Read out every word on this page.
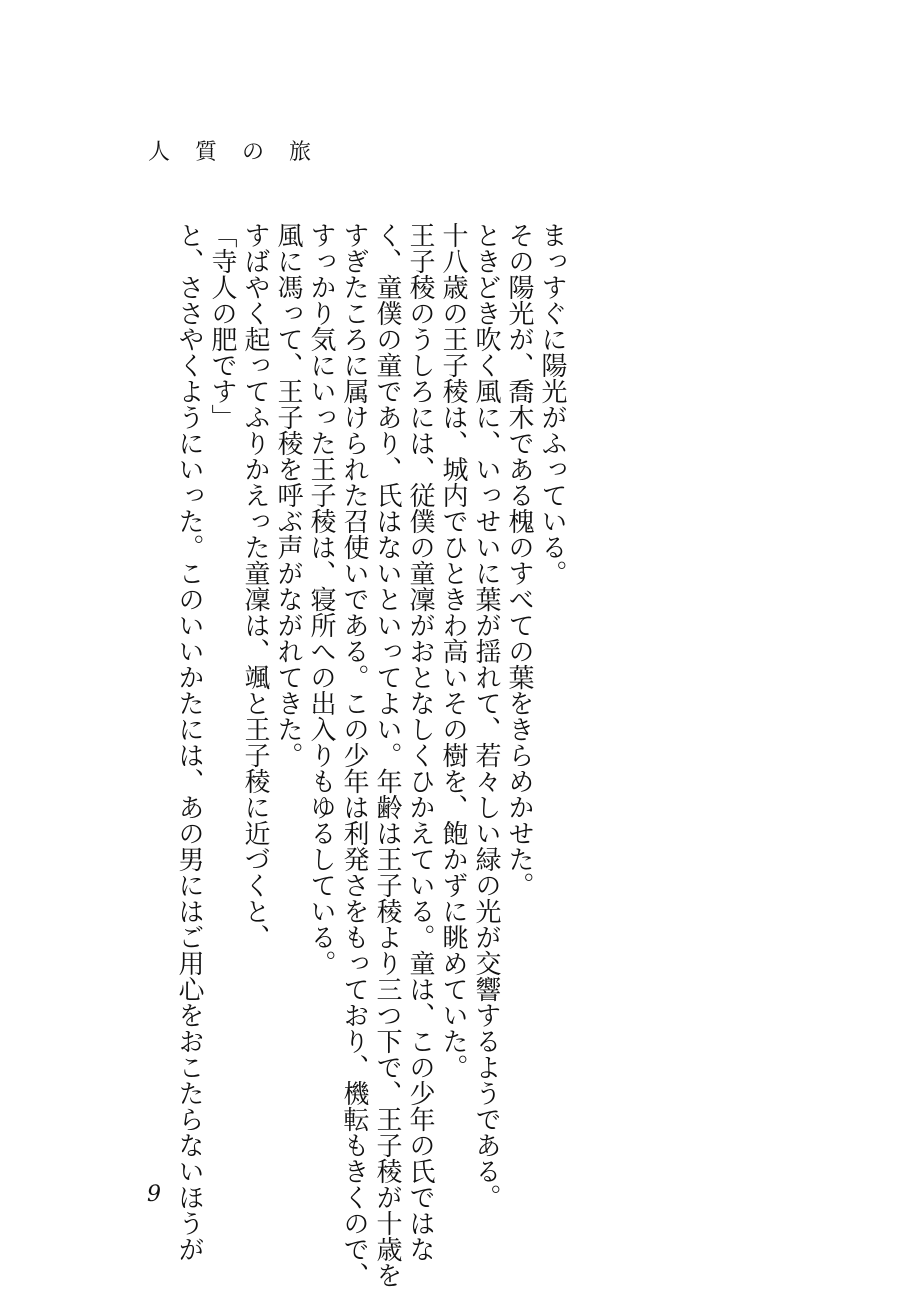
人 質 の 旅

まっすぐに陽光がふっている。

その陽光が、喬木である槐のすべての葉をきらめかせた。

ときどき吹く風に、いっせいに葉が揺れて、若々しい緑の光が交響するようである。

十八歳の王子稜は、城内でひときわ高いその樹を、飽かずに眺めていた。

王子稜のうしろには、従僕の童凜がおとなしくひかえている。童は、この少年の氏ではな

く、童僕の童であり、氏はないといってよい。年齢は王子稜より三つ下で、王子稜が十歳を

すぎたころに属けられた召使いである。この少年は利発さをもっており、機転もきくので、

すっかり気にいった王子稜は、寝所への出入りもゆるしている。

風に馮って、王子稜を呼ぶ声がながれてきた。

すばやく起ってふりかえった童凜は、颯と王子稜に近づくと、

「寺人の肥です」

と、ささやくようにいった。このいいかたには、あの男にはご用心をおこたらないほうが

9
